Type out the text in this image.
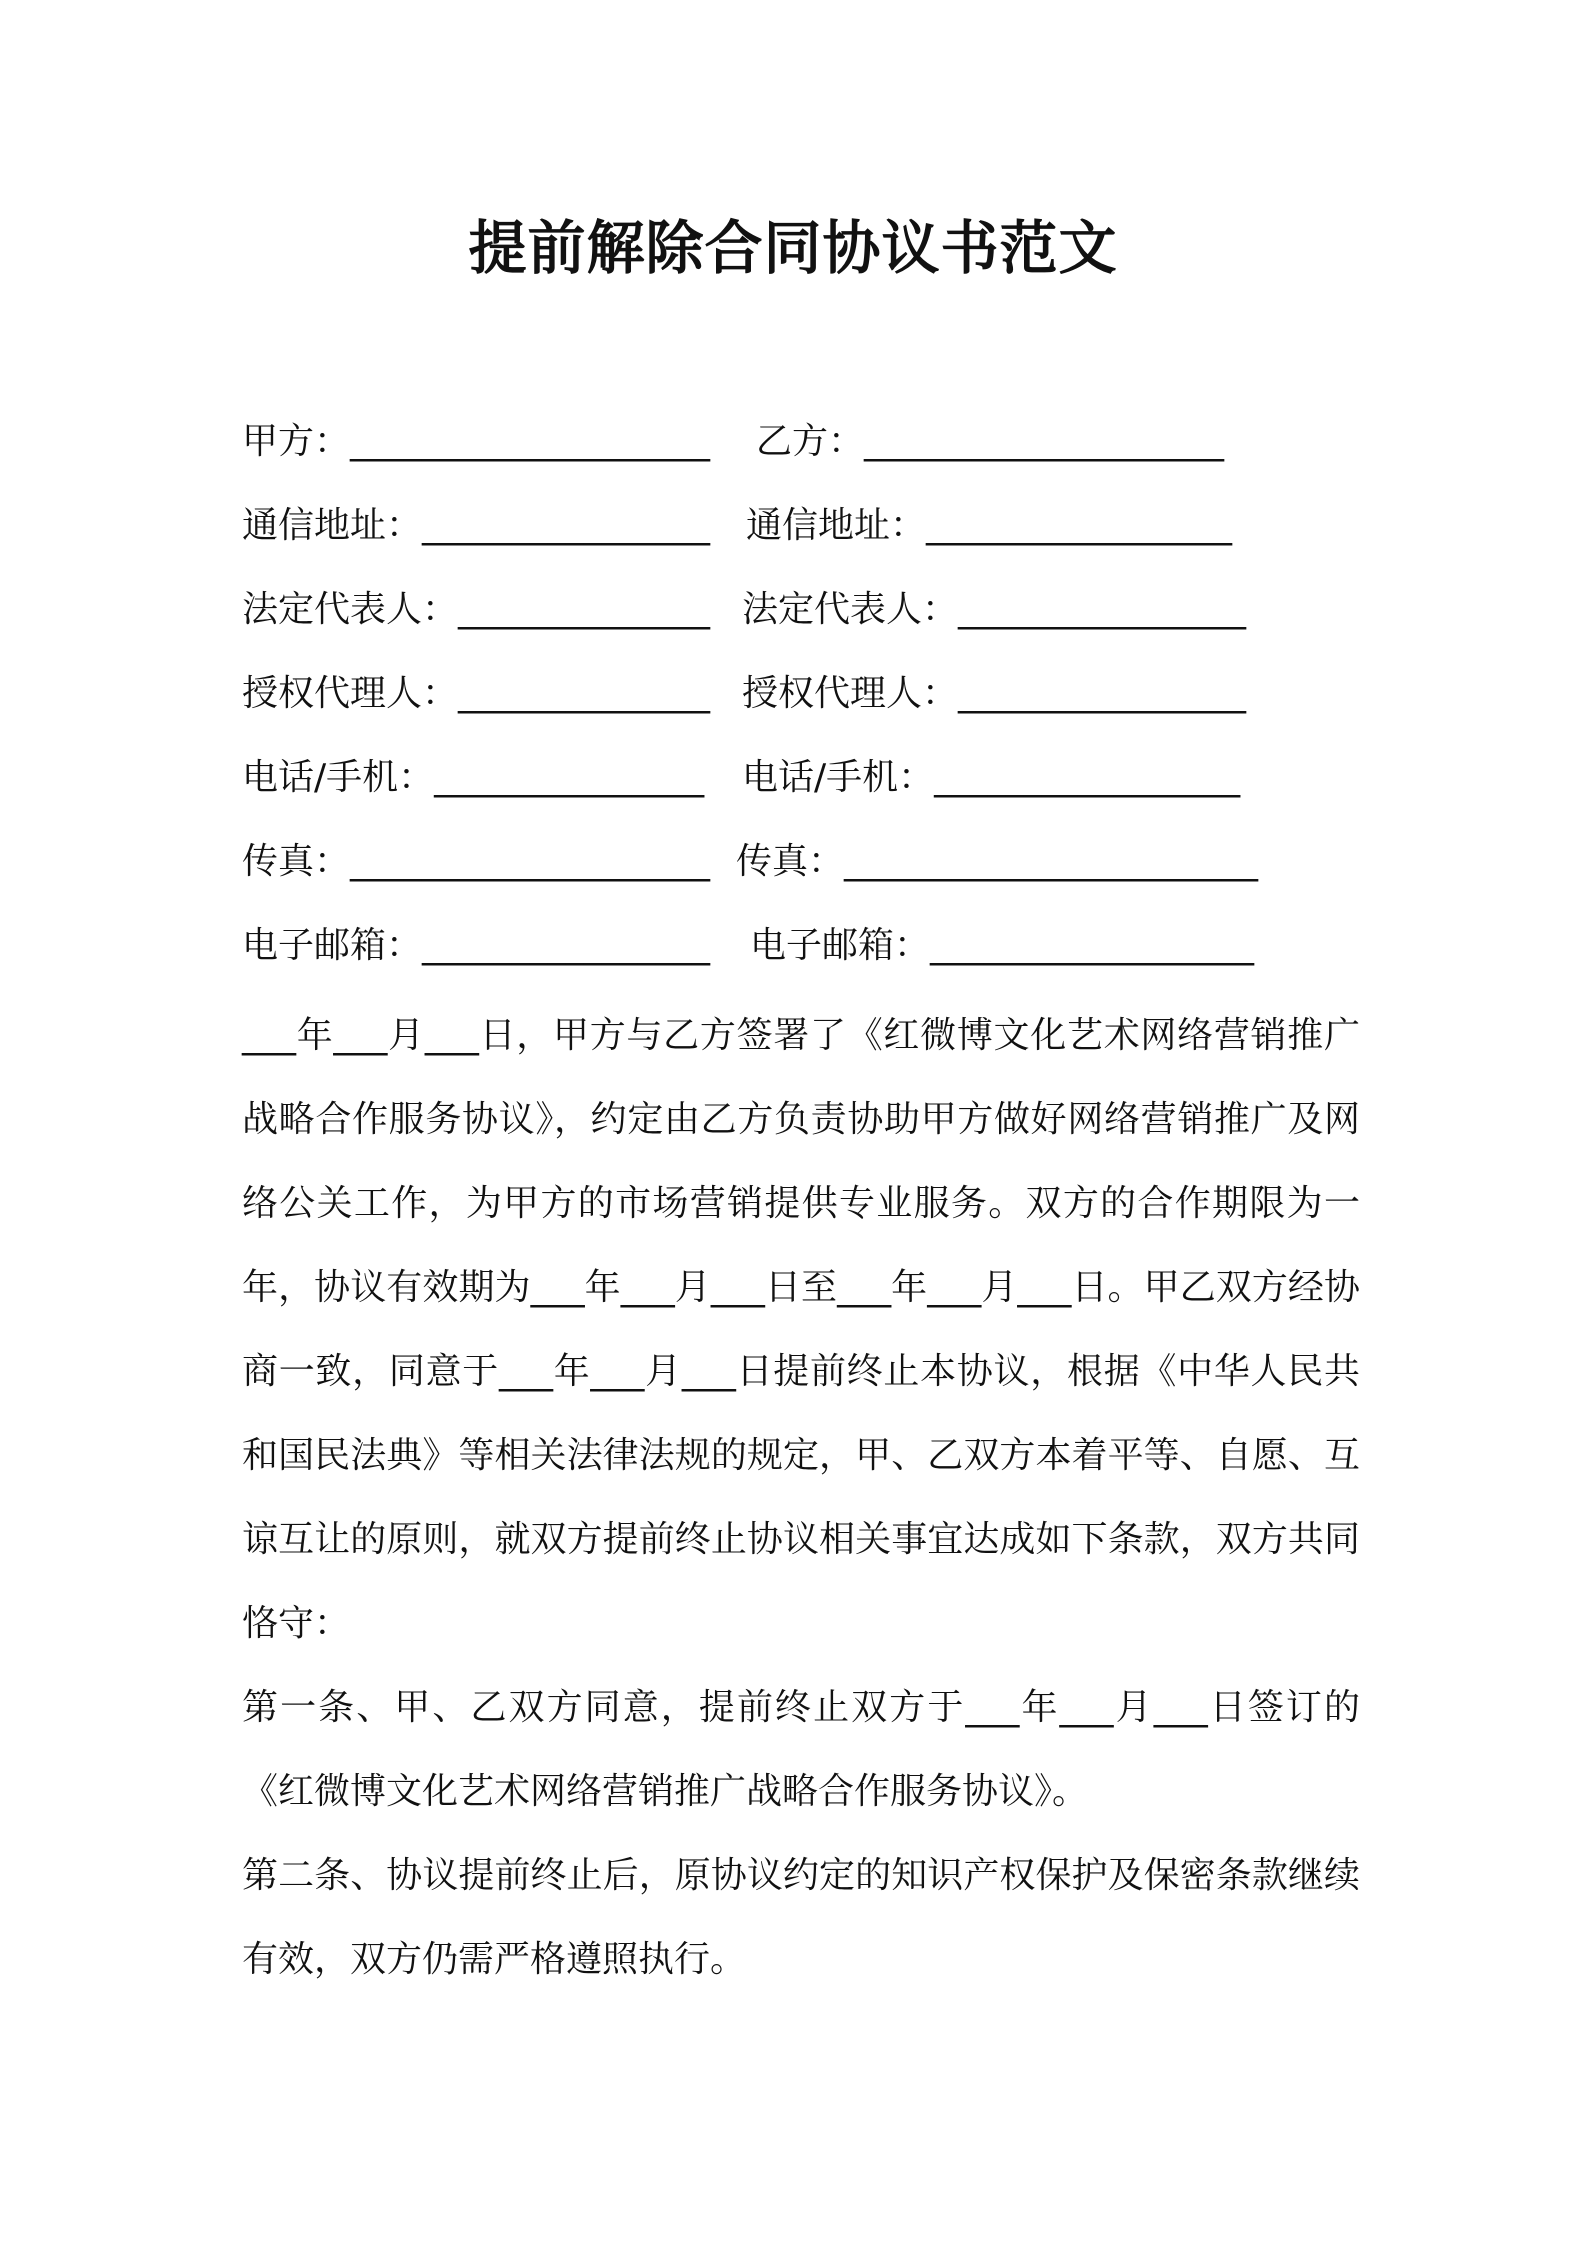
提前解除合同协议书范文
甲方：____________________ 乙方：____________________
通信地址：________________ 通信地址：_________________
法定代表人：______________ 法定代表人：________________
授权代理人：______________ 授权代理人：________________
电话/手机：_______________ 电话/手机：_________________
传真：____________________ 传真：_______________________
电子邮箱：________________ 电子邮箱：__________________

___年___月___日，甲方与乙方签署了《红微博文化艺术网络营销推广战略合作服务协议》，约定由乙方负责协助甲方做好网络营销推广及网络公关工作，为甲方的市场营销提供专业服务。双方的合作期限为一年，协议有效期为___年___月___日至___年___月___日。甲乙双方经协商一致，同意于___年___月___日提前终止本协议，根据《中华人民共和国民法典》等相关法律法规的规定，甲、乙双方本着平等、自愿、互谅互让的原则，就双方提前终止协议相关事宜达成如下条款，双方共同恪守：

第一条、甲、乙双方同意，提前终止双方于___年___月___日签订的《红微博文化艺术网络营销推广战略合作服务协议》。

第二条、协议提前终止后，原协议约定的知识产权保护及保密条款继续有效，双方仍需严格遵照执行。
